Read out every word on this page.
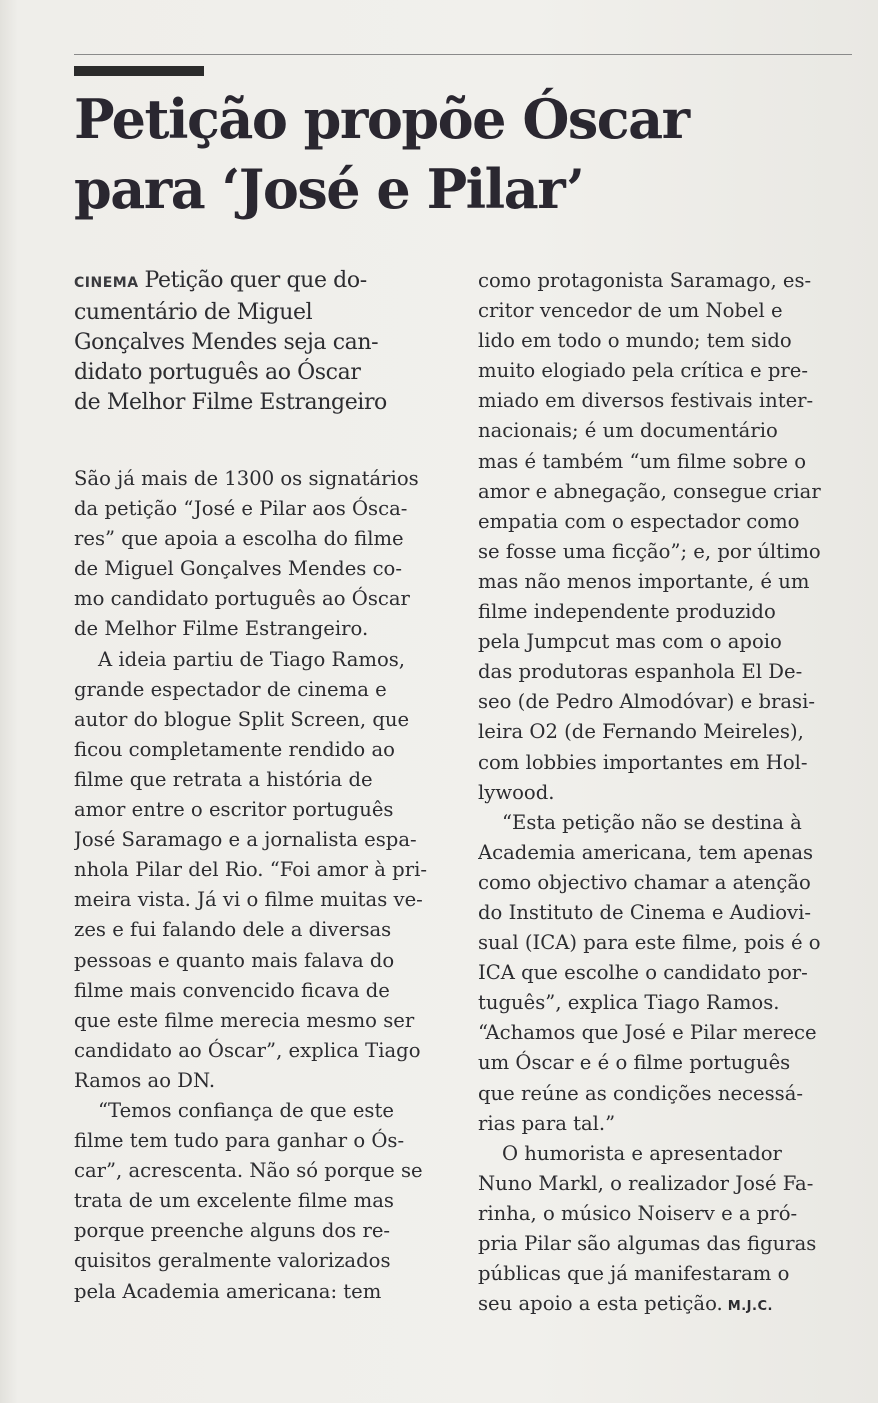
Petição propõe Óscar
para ‘José e Pilar’
CINEMA Petição quer que do-
cumentário de Miguel
Gonçalves Mendes seja can-
didato português ao Óscar
de Melhor Filme Estrangeiro
São já mais de 1300 os signatários
da petição “José e Pilar aos Ósca-
res” que apoia a escolha do filme
de Miguel Gonçalves Mendes co-
mo candidato português ao Óscar
de Melhor Filme Estrangeiro.
A ideia partiu de Tiago Ramos,
grande espectador de cinema e
autor do blogue Split Screen, que
ficou completamente rendido ao
filme que retrata a história de
amor entre o escritor português
José Saramago e a jornalista espa-
nhola Pilar del Rio. “Foi amor à pri-
meira vista. Já vi o filme muitas ve-
zes e fui falando dele a diversas
pessoas e quanto mais falava do
filme mais convencido ficava de
que este filme merecia mesmo ser
candidato ao Óscar”, explica Tiago
Ramos ao DN.
“Temos confiança de que este
filme tem tudo para ganhar o Ós-
car”, acrescenta. Não só porque se
trata de um excelente filme mas
porque preenche alguns dos re-
quisitos geralmente valorizados
pela Academia americana: tem
como protagonista Saramago, es-
critor vencedor de um Nobel e
lido em todo o mundo; tem sido
muito elogiado pela crítica e pre-
miado em diversos festivais inter-
nacionais; é um documentário
mas é também “um filme sobre o
amor e abnegação, consegue criar
empatia com o espectador como
se fosse uma ficção”; e, por último
mas não menos importante, é um
filme independente produzido
pela Jumpcut mas com o apoio
das produtoras espanhola El De-
seo (de Pedro Almodóvar) e brasi-
leira O2 (de Fernando Meireles),
com lobbies importantes em Hol-
lywood.
“Esta petição não se destina à
Academia americana, tem apenas
como objectivo chamar a atenção
do Instituto de Cinema e Audiovi-
sual (ICA) para este filme, pois é o
ICA que escolhe o candidato por-
tuguês”, explica Tiago Ramos.
“Achamos que José e Pilar merece
um Óscar e é o filme português
que reúne as condições necessá-
rias para tal.”
O humorista e apresentador
Nuno Markl, o realizador José Fa-
rinha, o músico Noiserv e a pró-
pria Pilar são algumas das figuras
públicas que já manifestaram o
seu apoio a esta petição. M.J.C.
